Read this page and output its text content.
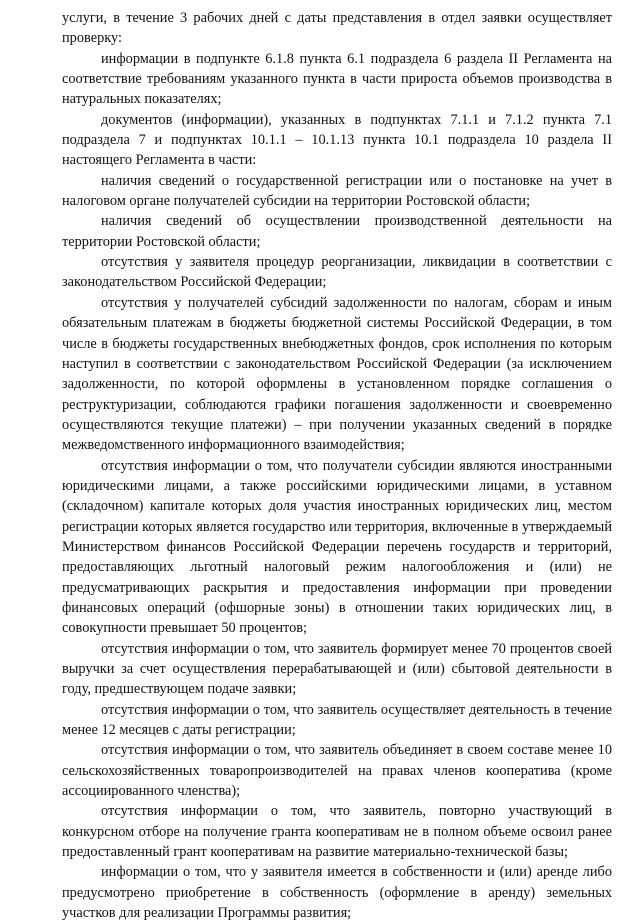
услуги, в течение 3 рабочих дней с даты представления в отдел заявки осуществляет проверку:

информации в подпункте 6.1.8 пункта 6.1 подраздела 6 раздела II Регламента на соответствие требованиям указанного пункта в части прироста объемов производства в натуральных показателях;

документов (информации), указанных в подпунктах 7.1.1 и 7.1.2 пункта 7.1 подраздела 7 и подпунктах 10.1.1 – 10.1.13 пункта 10.1 подраздела 10 раздела II настоящего Регламента в части:

наличия сведений о государственной регистрации или о постановке на учет в налоговом органе получателей субсидии на территории Ростовской области;

наличия сведений об осуществлении производственной деятельности на территории Ростовской области;

отсутствия у заявителя процедур реорганизации, ликвидации в соответствии с законодательством Российской Федерации;

отсутствия у получателей субсидий задолженности по налогам, сборам и иным обязательным платежам в бюджеты бюджетной системы Российской Федерации, в том числе в бюджеты государственных внебюджетных фондов, срок исполнения по которым наступил в соответствии с законодательством Российской Федерации (за исключением задолженности, по которой оформлены в установленном порядке соглашения о реструктуризации, соблюдаются графики погашения задолженности и своевременно осуществляются текущие платежи) – при получении указанных сведений в порядке межведомственного информационного взаимодействия;

отсутствия информации о том, что получатели субсидии являются иностранными юридическими лицами, а также российскими юридическими лицами, в уставном (складочном) капитале которых доля участия иностранных юридических лиц, местом регистрации которых является государство или территория, включенные в утверждаемый Министерством финансов Российской Федерации перечень государств и территорий, предоставляющих льготный налоговый режим налогообложения и (или) не предусматривающих раскрытия и предоставления информации при проведении финансовых операций (офшорные зоны) в отношении таких юридических лиц, в совокупности превышает 50 процентов;

отсутствия информации о том, что заявитель формирует менее 70 процентов своей выручки за счет осуществления перерабатывающей и (или) сбытовой деятельности в году, предшествующем подаче заявки;

отсутствия информации о том, что заявитель осуществляет деятельность в течение менее 12 месяцев с даты регистрации;

отсутствия информации о том, что заявитель объединяет в своем составе менее 10 сельскохозяйственных товаропроизводителей на правах членов кооператива (кроме ассоциированного членства);

отсутствия информации о том, что заявитель, повторно участвующий в конкурсном отборе на получение гранта кооперативам не в полном объеме освоил ранее предоставленный грант кооперативам на развитие материально-технической базы;

информации о том, что у заявителя имеется в собственности и (или) аренде либо предусмотрено приобретение в собственность (оформление в аренду) земельных участков для реализации Программы развития;
